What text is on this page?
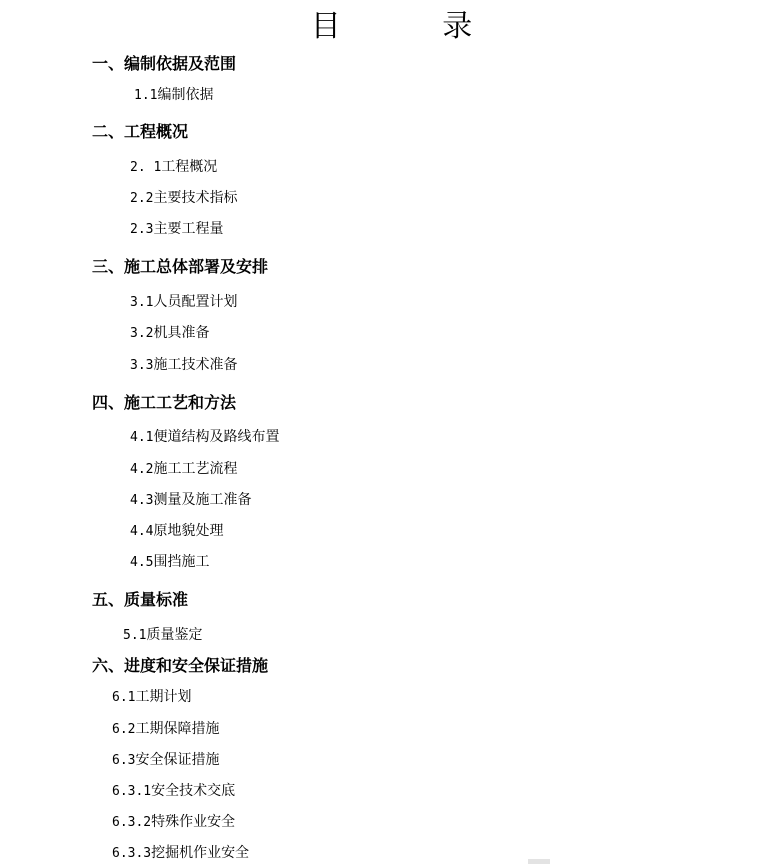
目 录
一、编制依据及范围
1.1编制依据
二、工程概况
2. 1工程概况
2.2主要技术指标
2.3主要工程量
三、施工总体部署及安排
3.1人员配置计划
3.2机具准备
3.3施工技术准备
四、施工工艺和方法
4.1便道结构及路线布置
4.2施工工艺流程
4.3测量及施工准备
4.4原地貌处理
4.5围挡施工
五、质量标准
5.1质量鉴定
六、进度和安全保证措施
6.1工期计划
6.2工期保障措施
6.3安全保证措施
6.3.1安全技术交底
6.3.2特殊作业安全
6.3.3挖掘机作业安全
